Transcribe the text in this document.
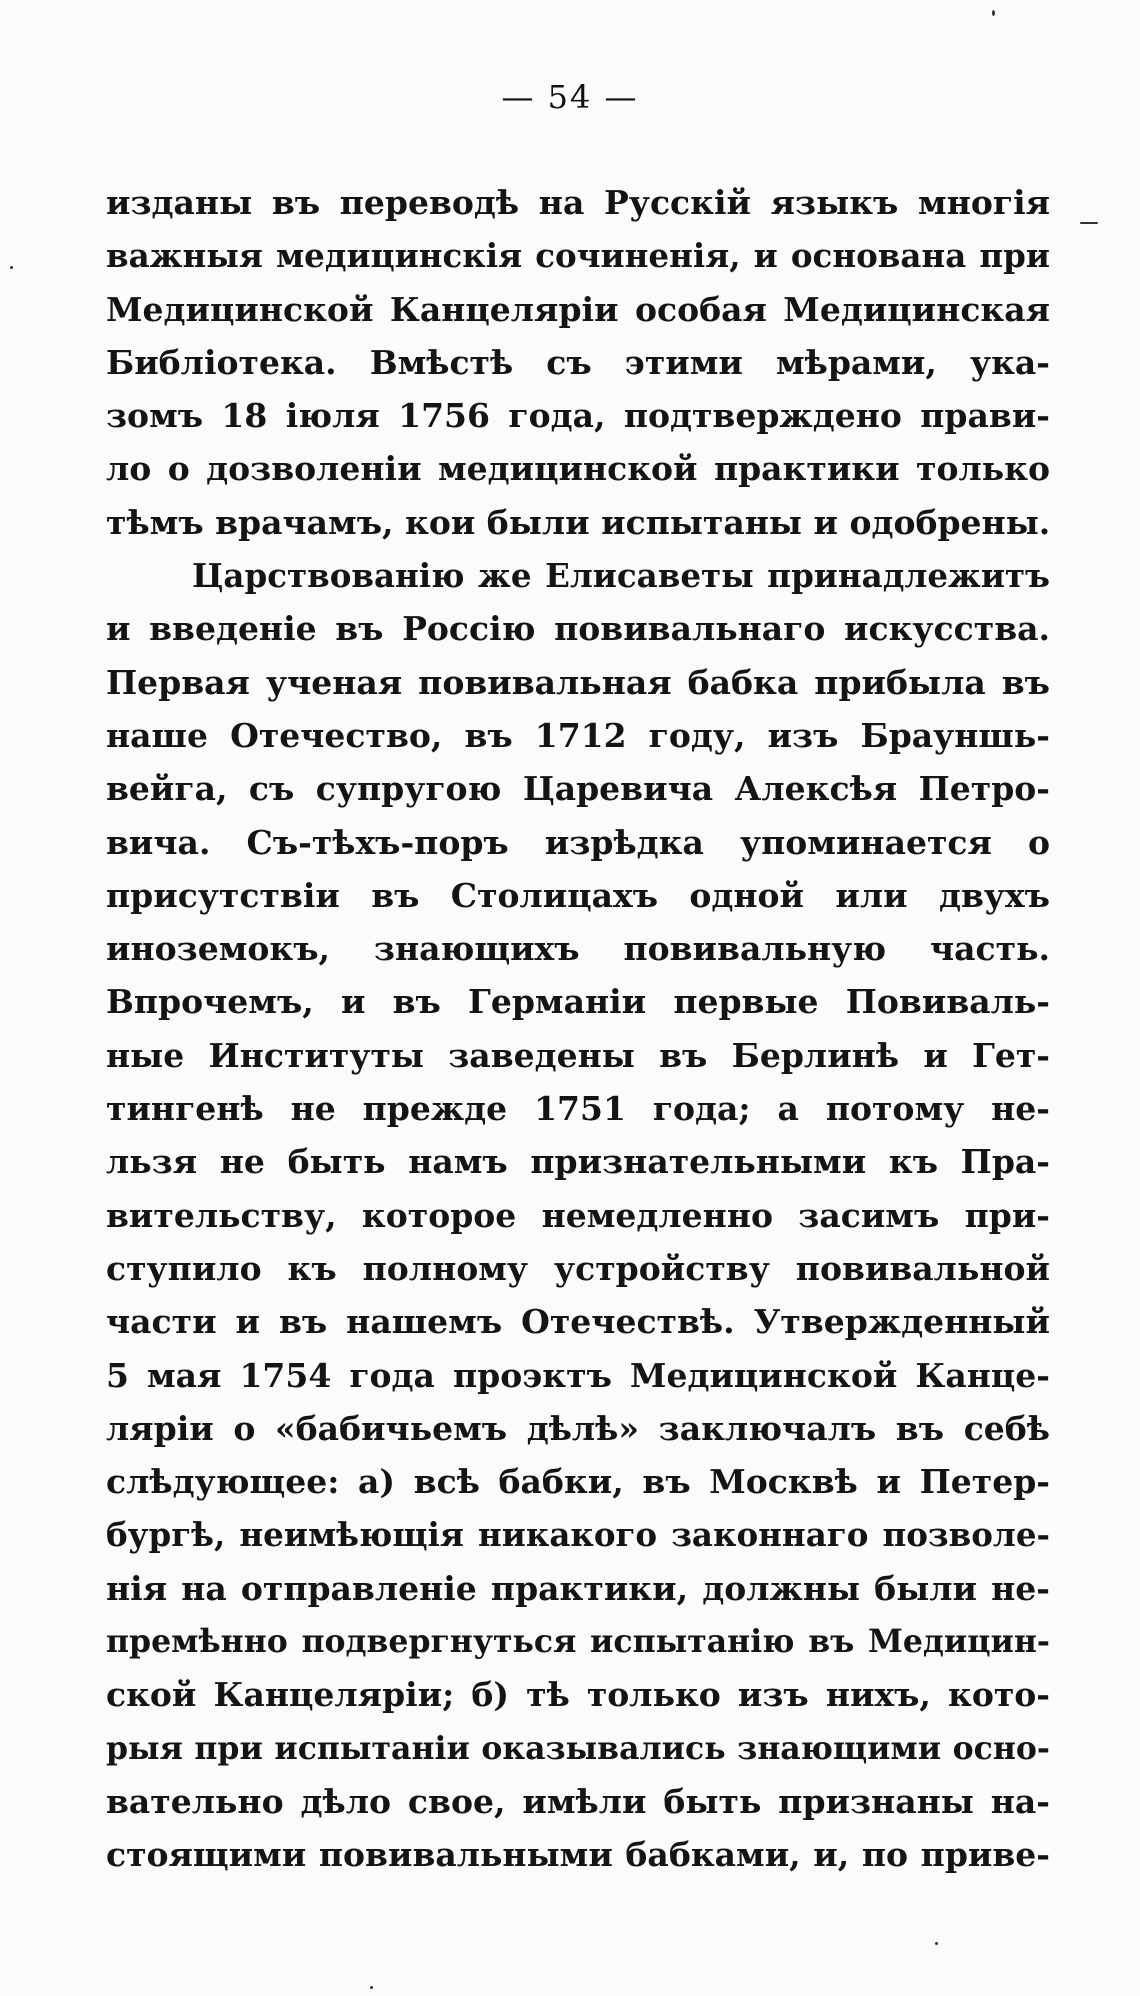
— 54 —
изданы въ переводѣ на Русскій языкъ многія
важныя медицинскія сочиненія, и основана при
Медицинской Канцеляріи особая Медицинская
Библіотека. Вмѣстѣ съ этими мѣрами, ука-
зомъ 18 іюля 1756 года, подтверждено прави-
ло о дозволеніи медицинской практики только
тѣмъ врачамъ, кои были испытаны и одобрены.
Царствованію же Елисаветы принадлежитъ
и введеніе въ Россію повивальнаго искусства.
Первая ученая повивальная бабка прибыла въ
наше Отечество, въ 1712 году, изъ Брауншь-
вейга, съ супругою Царевича Алексѣя Петро-
вича. Съ-тѣхъ-поръ изрѣдка упоминается о
присутствіи въ Столицахъ одной или двухъ
иноземокъ, знающихъ повивальную часть.
Впрочемъ, и въ Германіи первые Повиваль-
ные Институты заведены въ Берлинѣ и Гет-
тингенѣ не прежде 1751 года; а потому не-
льзя не быть намъ признательными къ Пра-
вительству, которое немедленно засимъ при-
ступило къ полному устройству повивальной
части и въ нашемъ Отечествѣ. Утвержденный
5 мая 1754 года проэктъ Медицинской Канце-
ляріи о «бабичьемъ дѣлѣ» заключалъ въ себѣ
слѣдующее: а) всѣ бабки, въ Москвѣ и Петер-
бургѣ, неимѣющія никакого законнаго позволе-
нія на отправленіе практики, должны были не-
премѣнно подвергнуться испытанію въ Медицин-
ской Канцеляріи; б) тѣ только изъ нихъ, кото-
рыя при испытаніи оказывались знающими осно-
вательно дѣло свое, имѣли быть признаны на-
стоящими повивальными бабками, и, по приве-
